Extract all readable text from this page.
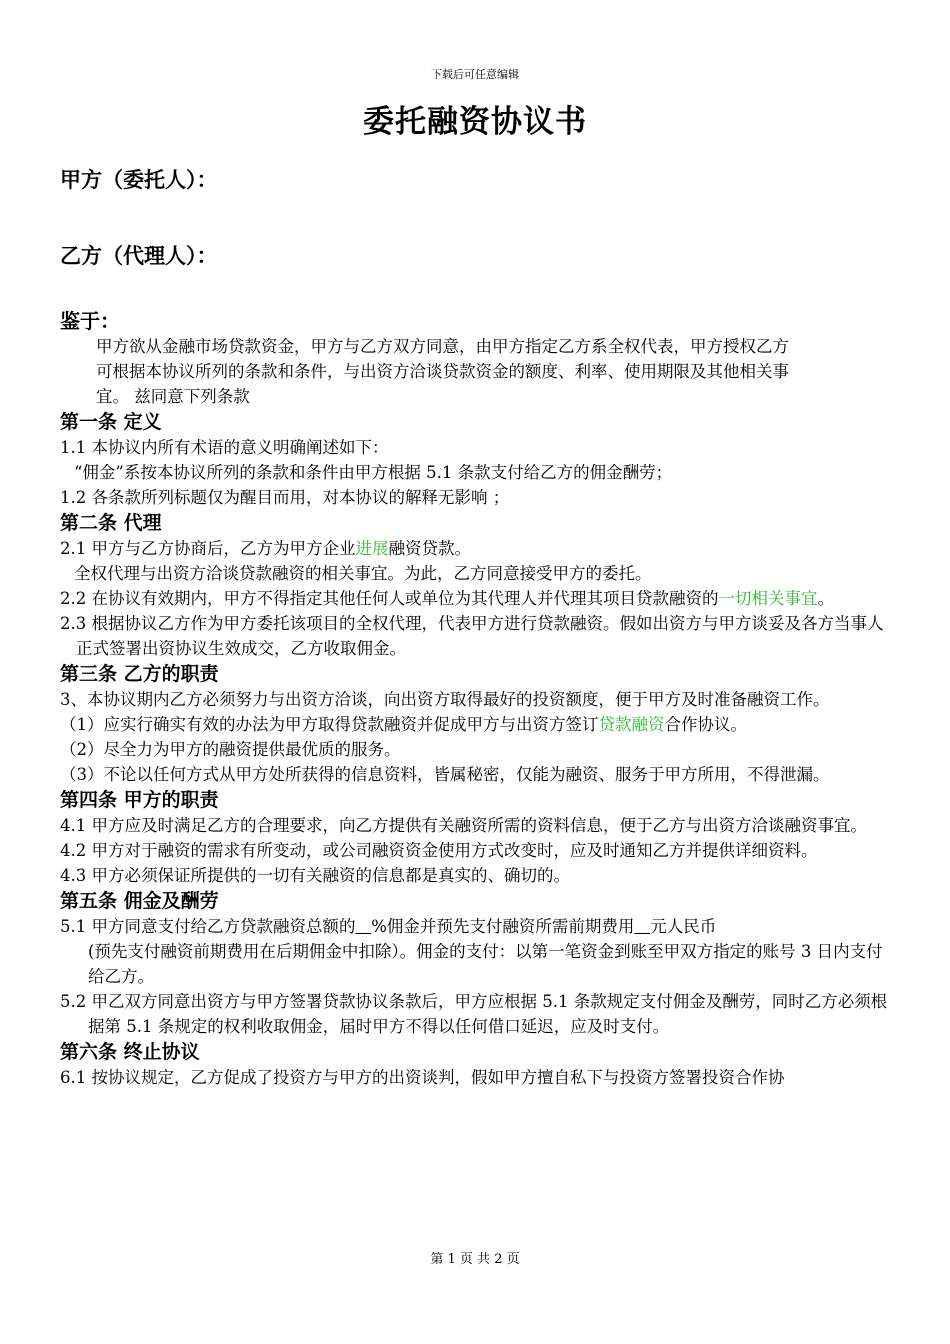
下载后可任意编辑
委托融资协议书
甲方（委托人）：
乙方（代理人）：
鉴于：
甲方欲从金融市场贷款资金，甲方与乙方双方同意，由甲方指定乙方系全权代表，甲方授权乙方
可根据本协议所列的条款和条件，与出资方洽谈贷款资金的额度、利率、使用期限及其他相关事
宜。 兹同意下列条款
第一条 定义
1.1 本协议内所有术语的意义明确阐述如下：
“佣金”系按本协议所列的条款和条件由甲方根据 5.1 条款支付给乙方的佣金酬劳；
1.2 各条款所列标题仅为醒目而用，对本协议的解释无影响 ；
第二条 代理
2.1 甲方与乙方协商后，乙方为甲方企业进展融资贷款。
全权代理与出资方洽谈贷款融资的相关事宜。为此，乙方同意接受甲方的委托。
2.2 在协议有效期内，甲方不得指定其他任何人或单位为其代理人并代理其项目贷款融资的一切相关事宜。
2.3 根据协议乙方作为甲方委托该项目的全权代理，代表甲方进行贷款融资。假如出资方与甲方谈妥及各方当事人正式签署出资协议生效成交，乙方收取佣金。
第三条 乙方的职责
3、本协议期内乙方必须努力与出资方洽谈，向出资方取得最好的投资额度，便于甲方及时准备融资工作。
（1）应实行确实有效的办法为甲方取得贷款融资并促成甲方与出资方签订贷款融资合作协议。
（2）尽全力为甲方的融资提供最优质的服务。
（3）不论以任何方式从甲方处所获得的信息资料，皆属秘密，仅能为融资、服务于甲方所用，不得泄漏。
第四条 甲方的职责
4.1 甲方应及时满足乙方的合理要求，向乙方提供有关融资所需的资料信息，便于乙方与出资方洽谈融资事宜。
4.2 甲方对于融资的需求有所变动，或公司融资资金使用方式改变时，应及时通知乙方并提供详细资料。
4.3 甲方必须保证所提供的一切有关融资的信息都是真实的、确切的。
第五条 佣金及酬劳
5.1 甲方同意支付给乙方贷款融资总额的 %佣金并预先支付融资所需前期费用 元人民币
(预先支付融资前期费用在后期佣金中扣除）。佣金的支付：以第一笔资金到账至甲双方指定的账号 3 日内支付给乙方。
5.2 甲乙双方同意出资方与甲方签署贷款协议条款后，甲方应根据 5.1 条款规定支付佣金及酬劳，同时乙方必须根据第 5.1 条规定的权利收取佣金，届时甲方不得以任何借口延迟，应及时支付。
第六条 终止协议
6.1 按协议规定，乙方促成了投资方与甲方的出资谈判，假如甲方擅自私下与投资方签署投资合作协
第 1 页 共 2 页
